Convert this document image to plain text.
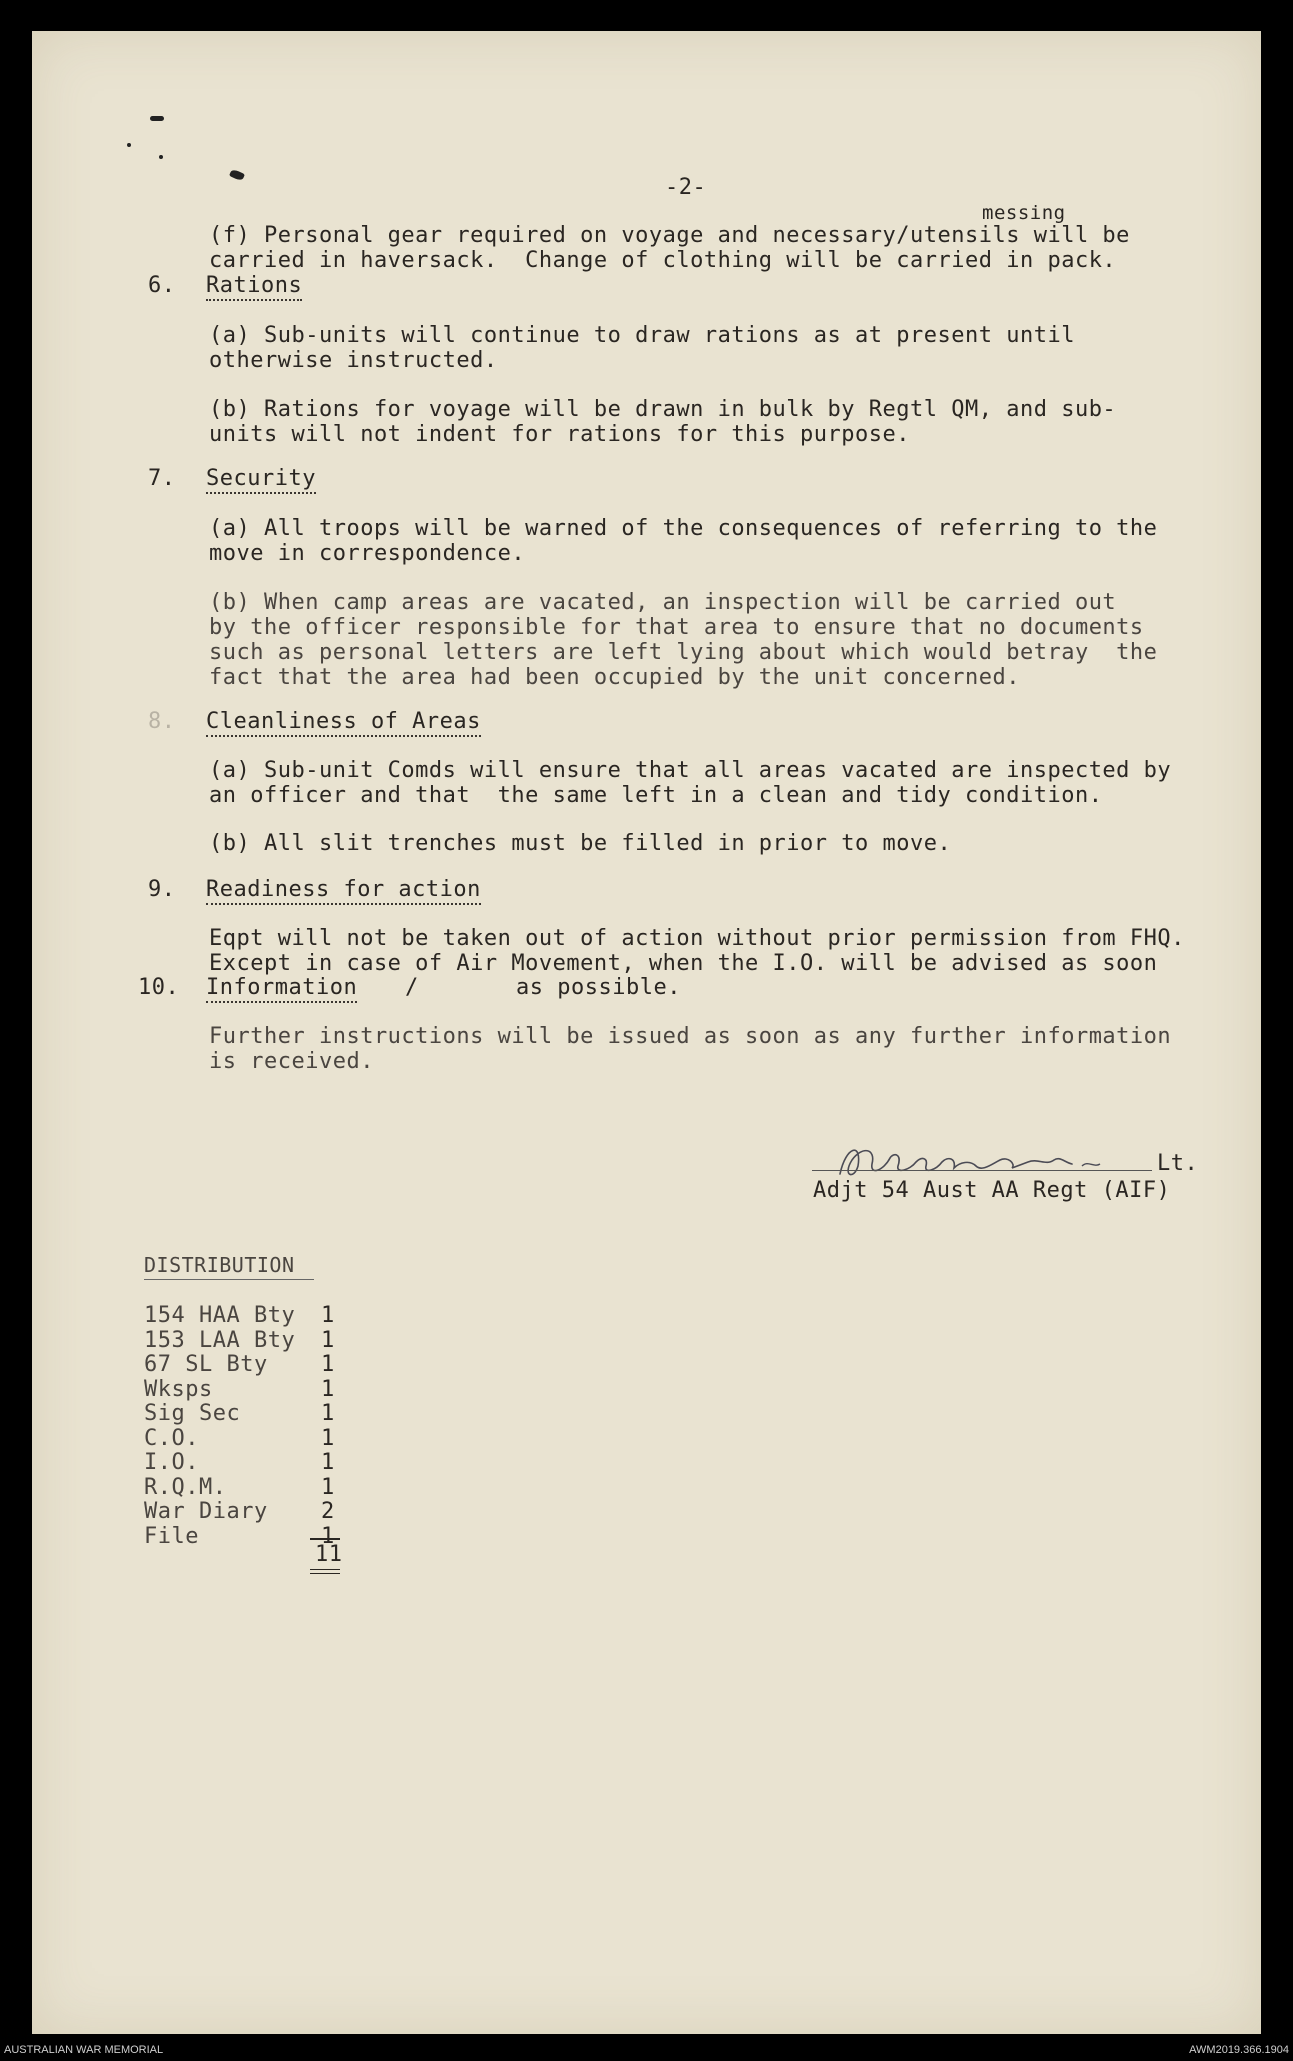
-2-
messing
(f) Personal gear required on voyage and necessary/utensils will be
carried in haversack.  Change of clothing will be carried in pack.
6. Rations
(a) Sub-units will continue to draw rations as at present until
otherwise instructed.
(b) Rations for voyage will be drawn in bulk by Regtl QM, and sub-
units will not indent for rations for this purpose.
7. Security
(a) All troops will be warned of the consequences of referring to the
move in correspondence.
(b) When camp areas are vacated, an inspection will be carried out
by the officer responsible for that area to ensure that no documents
such as personal letters are left lying about which would betray  the
fact that the area had been occupied by the unit concerned.
8. Cleanliness of Areas
(a) Sub-unit Comds will ensure that all areas vacated are inspected by
an officer and that  the same left in a clean and tidy condition.
(b) All slit trenches must be filled in prior to move.
9. Readiness for action
Eqpt will not be taken out of action without prior permission from FHQ.
Except in case of Air Movement, when the I.O. will be advised as soon
10. Information /	as possible.
Further instructions will be issued as soon as any further information
is received.
Lt.
Adjt 54 Aust AA Regt (AIF)
DISTRIBUTION
154 HAA Bty 1
153 LAA Bty 1
67 SL Bty 1
Wksps	1
Sig Sec	1
C.O.	1
I.O.	1
R.Q.M.	1
War Diary 2
File	1
11
AUSTRALIAN WAR MEMORIAL	AWM2019.366.1904
